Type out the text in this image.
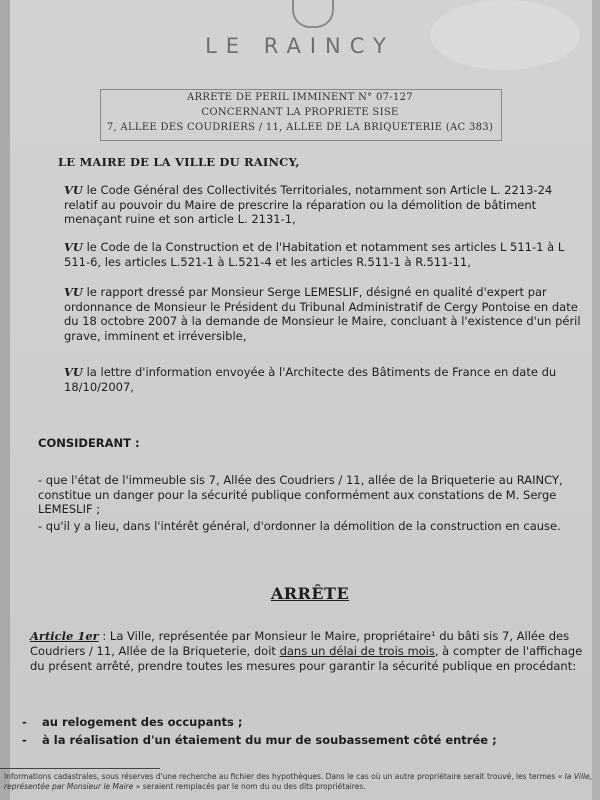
LE RAINCY
ARRETE DE PERIL IMMINENT N° 07-127
CONCERNANT LA PROPRIETE SISE
7, ALLEE DES COUDRIERS / 11, ALLEE DE LA BRIQUETERIE (AC 383)
LE MAIRE DE LA VILLE DU RAINCY,
VU le Code Général des Collectivités Territoriales, notamment son Article L. 2213-24 relatif au pouvoir du Maire de prescrire la réparation ou la démolition de bâtiment menaçant ruine et son article L. 2131-1,
VU le Code de la Construction et de l'Habitation et notamment ses articles L 511-1 à L 511-6, les articles L.521-1 à L.521-4 et les articles R.511-1 à R.511-11,
VU le rapport dressé par Monsieur Serge LEMESLIF, désigné en qualité d'expert par ordonnance de Monsieur le Président du Tribunal Administratif de Cergy Pontoise en date du 18 octobre 2007 à la demande de Monsieur le Maire, concluant à l'existence d'un péril grave, imminent et irréversible,
VU la lettre d'information envoyée à l'Architecte des Bâtiments de France en date du 18/10/2007,
CONSIDERANT :
- que l'état de l'immeuble sis 7, Allée des Coudriers / 11, allée de la Briqueterie au RAINCY, constitue un danger pour la sécurité publique conformément aux constations de M. Serge LEMESLIF ;
- qu'il y a lieu, dans l'intérêt général, d'ordonner la démolition de la construction en cause.
ARRÊTE
Article 1er : La Ville, représentée par Monsieur le Maire, propriétaire¹ du bâti sis 7, Allée des Coudriers / 11, Allée de la Briqueterie, doit dans un délai de trois mois, à compter de l'affichage du présent arrêté, prendre toutes les mesures pour garantir la sécurité publique en procédant:
- au relogement des occupants ;
- à la réalisation d'un étaiement du mur de soubassement côté entrée ;
Informations cadastrales, sous réserves d'une recherche au fichier des hypothèques. Dans le cas où un autre propriétaire serait trouvé, les termes « la Ville, représentée par Monsieur le Maire » seraient remplacés par le nom du ou des dits propriétaires.
